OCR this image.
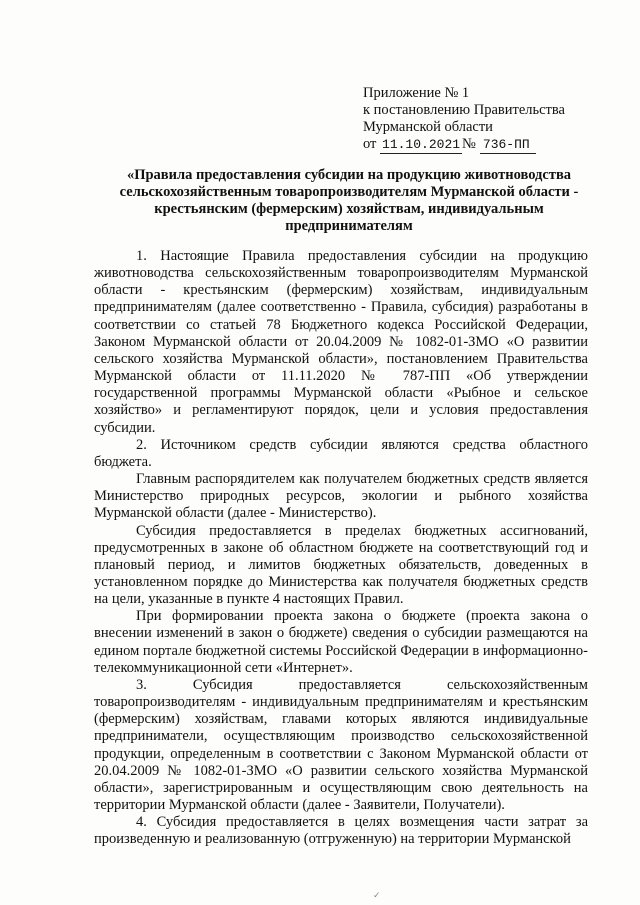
Приложение № 1
к постановлению Правительства
Мурманской области
от 11.10.2021 № 736-ПП
«Правила предоставления субсидии на продукцию животноводства сельскохозяйственным товаропроизводителям Мурманской области - крестьянским (фермерским) хозяйствам, индивидуальным предпринимателям

1. Настоящие Правила предоставления субсидии на продукцию животноводства сельскохозяйственным товаропроизводителям Мурманской области - крестьянским (фермерским) хозяйствам, индивидуальным предпринимателям (далее соответственно - Правила, субсидия) разработаны в соответствии со статьей 78 Бюджетного кодекса Российской Федерации, Законом Мурманской области от 20.04.2009 № 1082-01-ЗМО «О развитии сельского хозяйства Мурманской области», постановлением Правительства Мурманской области от 11.11.2020 № 787-ПП «Об утверждении государственной программы Мурманской области «Рыбное и сельское хозяйство» и регламентируют порядок, цели и условия предоставления субсидии.

2. Источником средств субсидии являются средства областного бюджета.

Главным распорядителем как получателем бюджетных средств является Министерство природных ресурсов, экологии и рыбного хозяйства Мурманской области (далее - Министерство).

Субсидия предоставляется в пределах бюджетных ассигнований, предусмотренных в законе об областном бюджете на соответствующий год и плановый период, и лимитов бюджетных обязательств, доведенных в установленном порядке до Министерства как получателя бюджетных средств на цели, указанные в пункте 4 настоящих Правил.

При формировании проекта закона о бюджете (проекта закона о внесении изменений в закон о бюджете) сведения о субсидии размещаются на едином портале бюджетной системы Российской Федерации в информационно-телекоммуникационной сети «Интернет».

3. Субсидия предоставляется сельскохозяйственным товаропроизводителям - индивидуальным предпринимателям и крестьянским (фермерским) хозяйствам, главами которых являются индивидуальные предприниматели, осуществляющим производство сельскохозяйственной продукции, определенным в соответствии с Законом Мурманской области от 20.04.2009 № 1082-01-ЗМО «О развитии сельского хозяйства Мурманской области», зарегистрированным и осуществляющим свою деятельность на территории Мурманской области (далее - Заявители, Получатели).

4. Субсидия предоставляется в целях возмещения части затрат за произведенную и реализованную (отгруженную) на территории Мурманской

✓
